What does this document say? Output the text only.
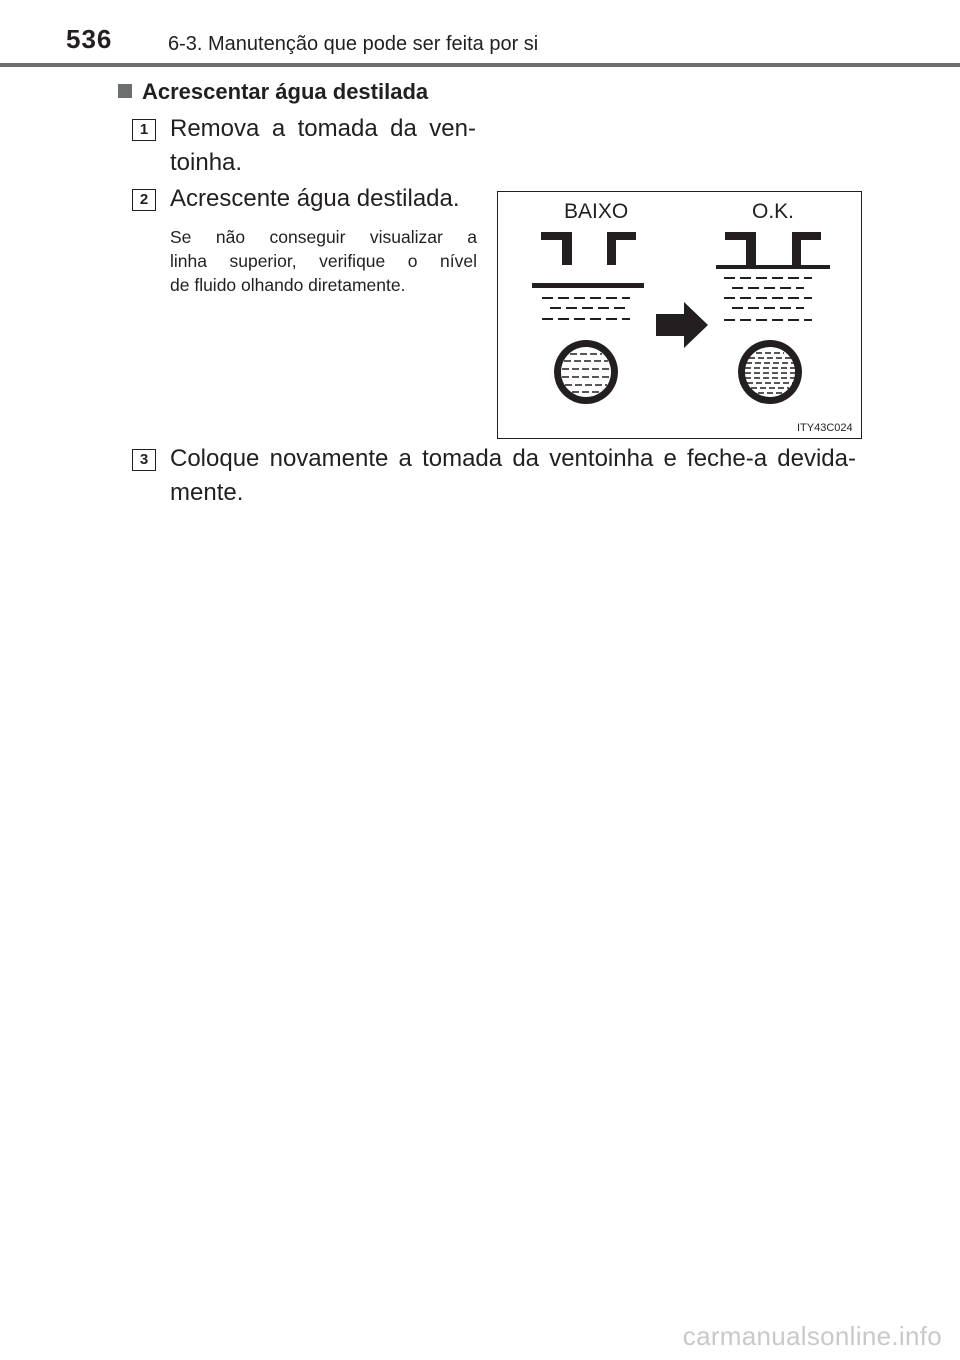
536	6-3. Manutenção que pode ser feita por si
Acrescentar água destilada
1 Remova a tomada da ven-
toinha.
2 Acrescente água destilada.
Se não conseguir visualizar a
linha superior, verifique o nível
de fluido olhando diretamente.
BAIXO	O.K.
ITY43C024
3 Coloque novamente a tomada da ventoinha e feche-a devida-
mente.
carmanualsonline.info
